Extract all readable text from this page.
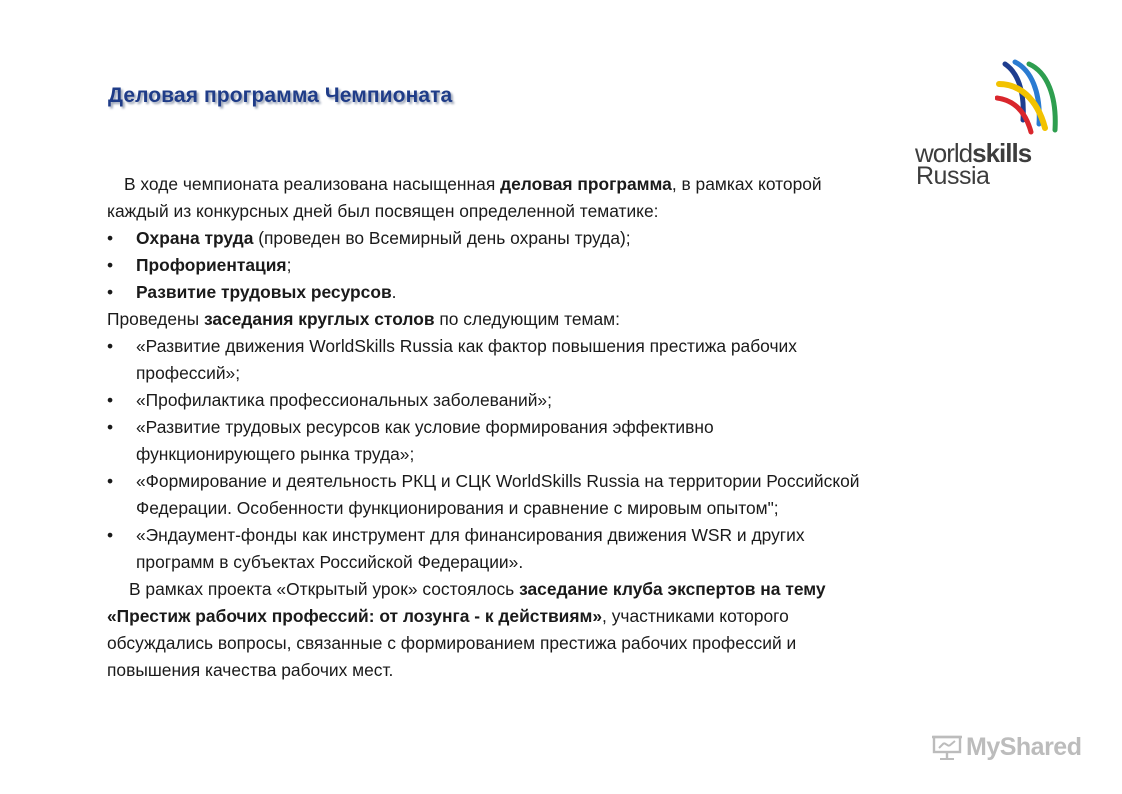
Деловая программа Чемпионата

В ходе чемпионата реализована насыщенная деловая программа, в рамках которой каждый из конкурсных дней был посвящен определенной тематике:

• Охрана труда (проведен во Всемирный день охраны труда);
• Профориентация;
• Развитие трудовых ресурсов.

Проведены заседания круглых столов по следующим темам:

• «Развитие движения WorldSkills Russia как фактор повышения престижа рабочих профессий»;
• «Профилактика профессиональных заболеваний»;
• «Развитие трудовых ресурсов как условие формирования эффективно функционирующего рынка труда»;
• «Формирование и деятельность РКЦ и СЦК WorldSkills Russia на территории Российской Федерации. Особенности функционирования и сравнение с мировым опытом";
• «Эндаумент-фонды как инструмент для финансирования движения WSR и других программ в субъектах Российской Федерации».

В рамках проекта «Открытый урок» состоялось заседание клуба экспертов на тему «Престиж рабочих профессий: от лозунга - к действиям», участниками которого обсуждались вопросы, связанные с формированием престижа рабочих профессий и повышения качества рабочих мест.

worldskills
Russia
MyShared
